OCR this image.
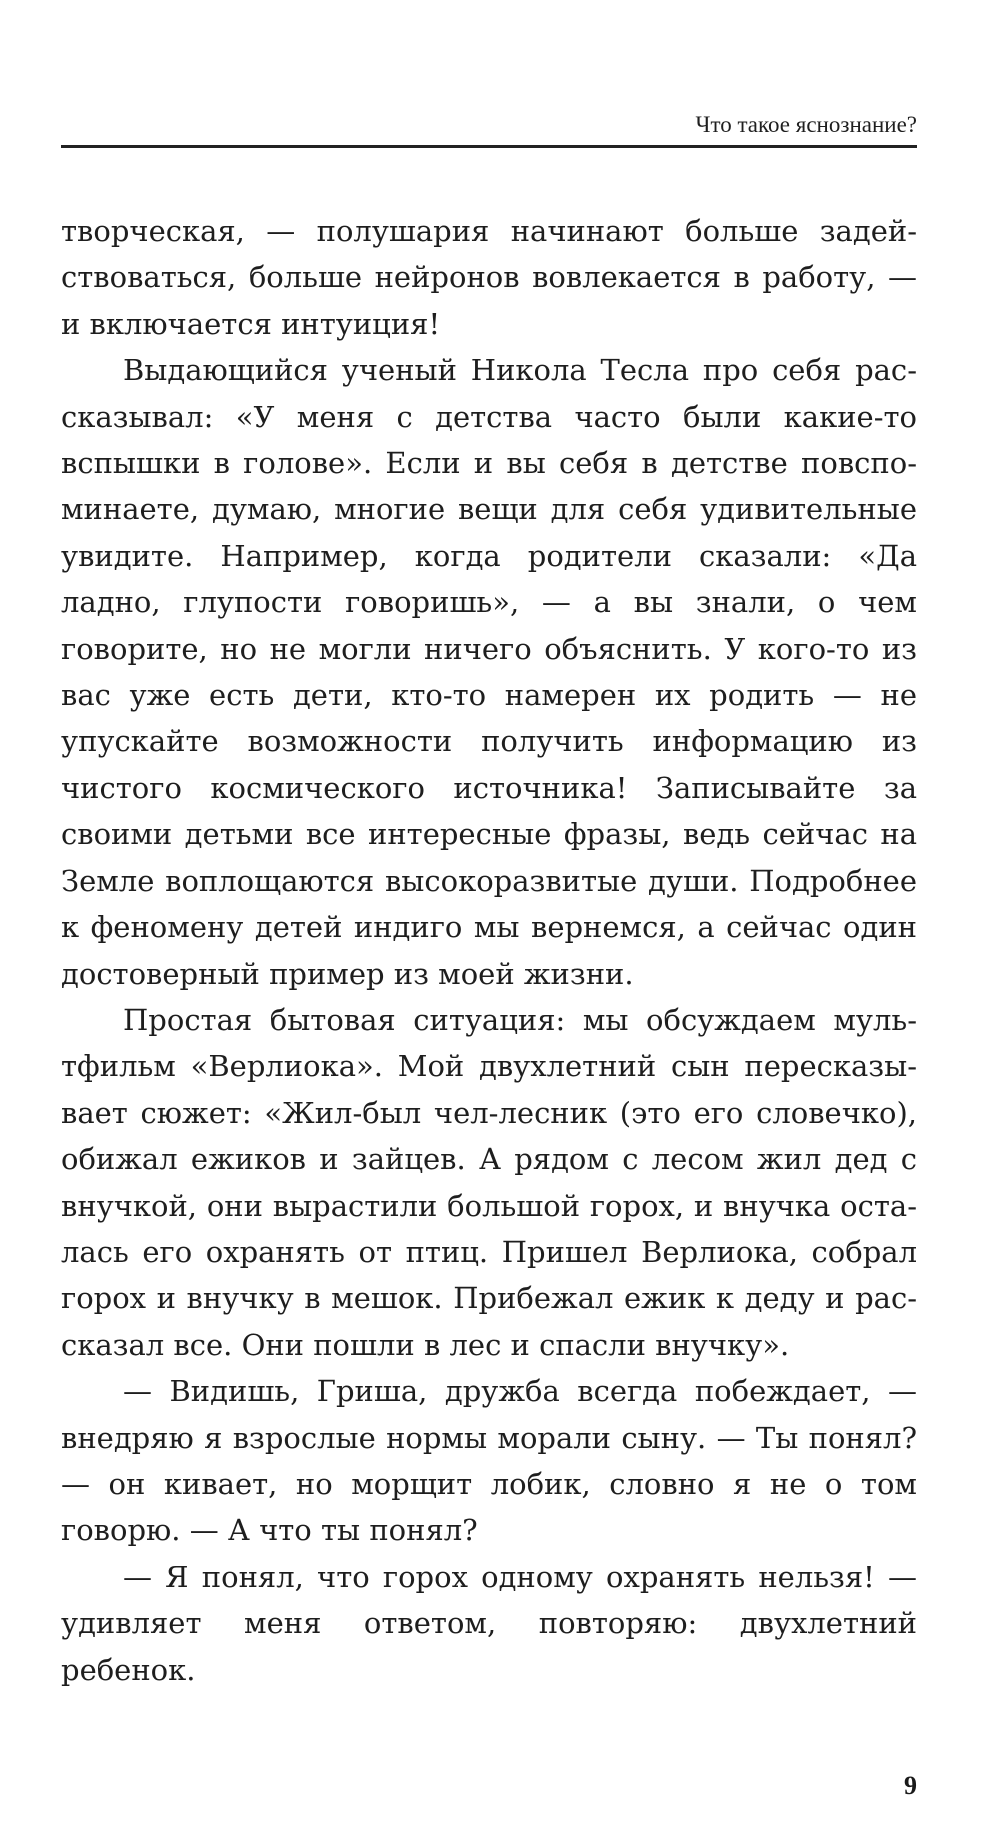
Что такое яснознание?

творческая, — полушария начинают больше задействоваться, больше нейронов вовлекается в работу, — и включается интуиция!

Выдающийся ученый Никола Тесла про себя рассказывал: «У меня с детства часто были какие-то вспышки в голове». Если и вы себя в детстве повспоминаете, думаю, многие вещи для себя удивительные увидите. Например, когда родители сказали: «Да ладно, глупости говоришь», — а вы знали, о чем говорите, но не могли ничего объяснить. У кого-то из вас уже есть дети, кто-то намерен их родить — не упускайте возможности получить информацию из чистого космического источника! Записывайте за своими детьми все интересные фразы, ведь сейчас на Земле воплощаются высокоразвитые души. Подробнее к феномену детей индиго мы вернемся, а сейчас один достоверный пример из моей жизни.

Простая бытовая ситуация: мы обсуждаем мультфильм «Верлиока». Мой двухлетний сын пересказывает сюжет: «Жил-был чел-лесник (это его словечко), обижал ежиков и зайцев. А рядом с лесом жил дед с внучкой, они вырастили большой горох, и внучка осталась его охранять от птиц. Пришел Верлиока, собрал горох и внучку в мешок. Прибежал ежик к деду и рассказал все. Они пошли в лес и спасли внучку».

— Видишь, Гриша, дружба всегда побеждает, — внедряю я взрослые нормы морали сыну. — Ты понял? — он кивает, но морщит лобик, словно я не о том говорю. — А что ты понял?

— Я понял, что горох одному охранять нельзя! — удивляет меня ответом, повторяю: двухлетний ребенок.

9
